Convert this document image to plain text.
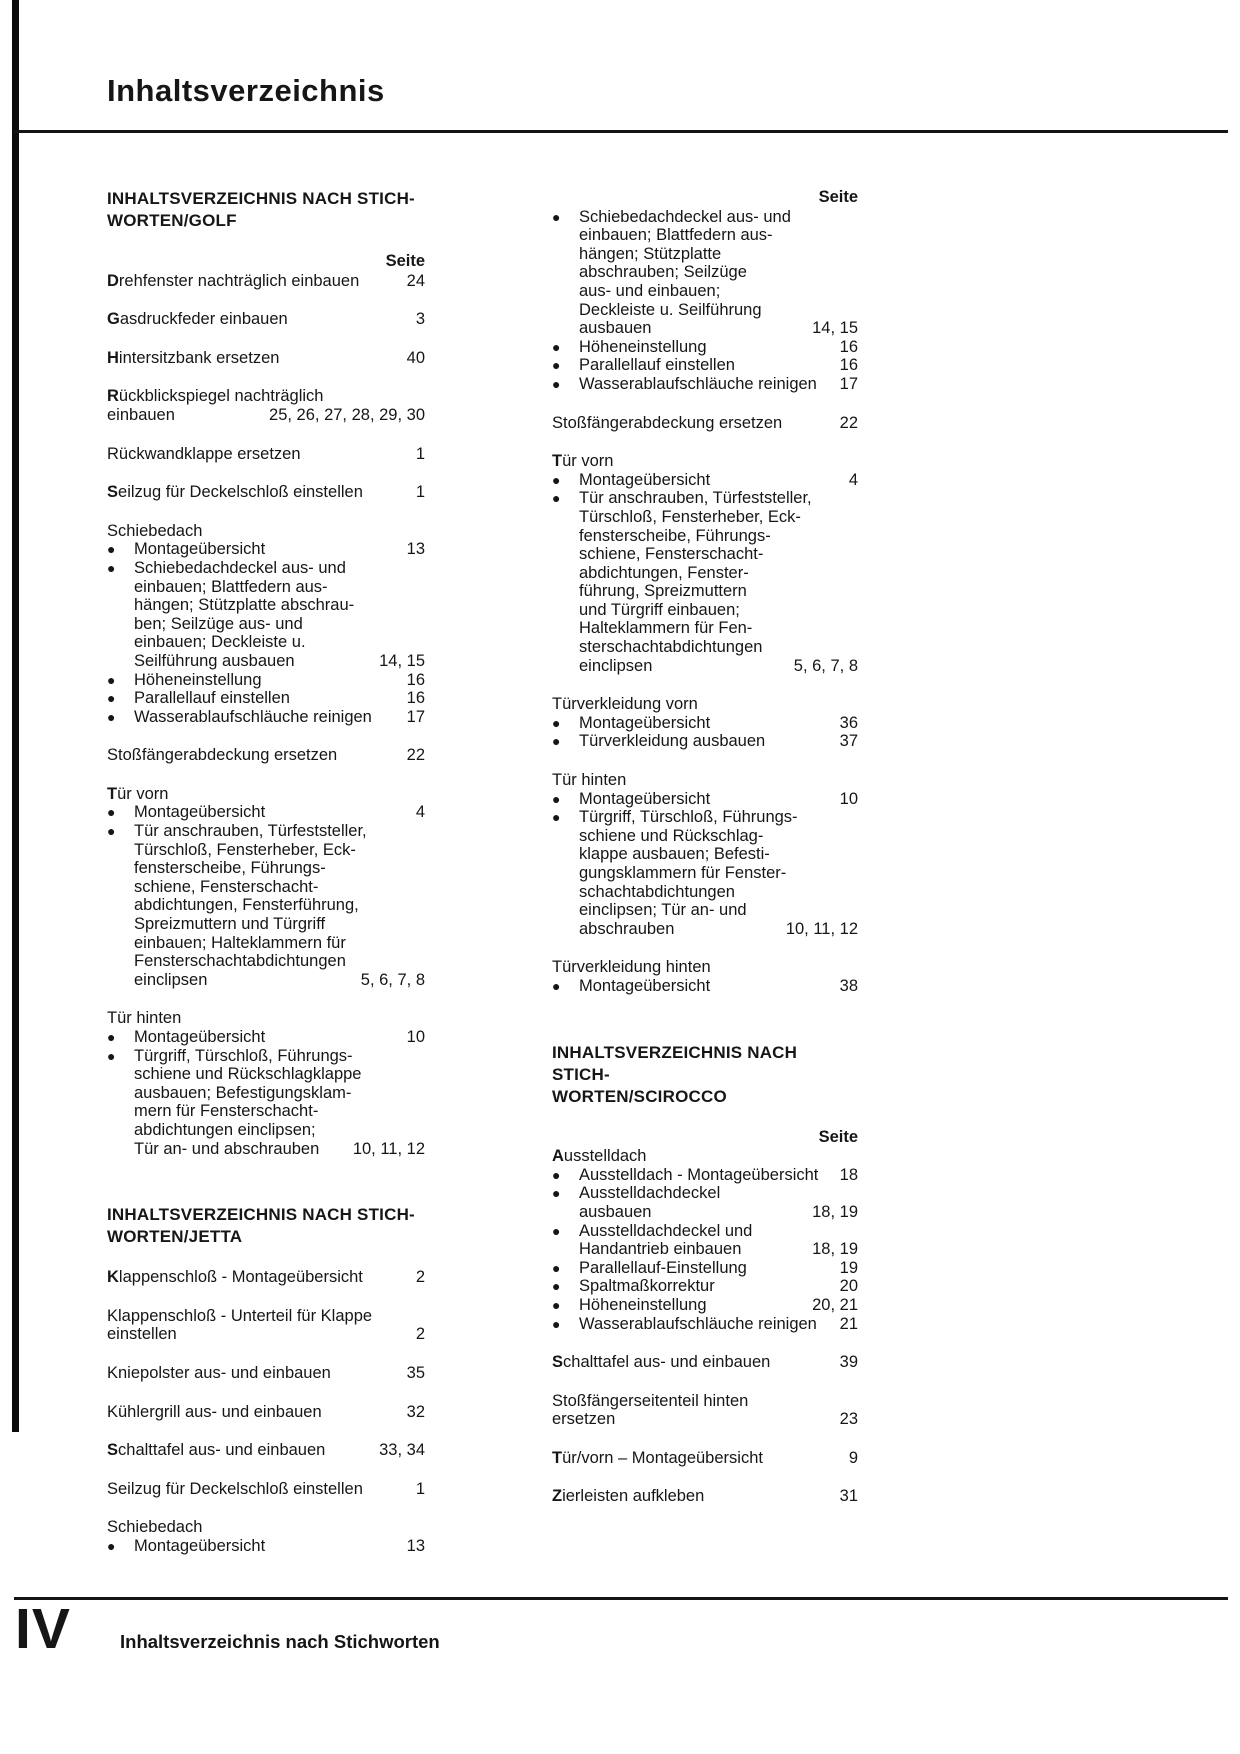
Inhaltsverzeichnis
INHALTSVERZEICHNIS NACH STICH-
WORTEN/GOLF
Seite
Drehfenster nachträglich einbauen	24
Gasdruckfeder einbauen	3
Hintersitzbank ersetzen	40
Rückblickspiegel nachträglich
einbauen	25, 26, 27, 28, 29, 30
Rückwandklappe ersetzen	1
Seilzug für Deckelschloß einstellen	1
Schiebedach
●	Montageübersicht	13
●	Schiebedachdeckel aus- und
einbauen; Blattfedern aus-
hängen; Stützplatte abschrau-
ben; Seilzüge aus- und
einbauen; Deckleiste u.
Seilführung ausbauen	14, 15
●	Höheneinstellung	16
●	Parallellauf einstellen	16
●	Wasserablaufschläuche reinigen	17
Stoßfängerabdeckung ersetzen	22
Tür vorn
●	Montageübersicht	4
●	Tür anschrauben, Türfeststeller,
Türschloß, Fensterheber, Eck-
fensterscheibe, Führungs-
schiene, Fensterschacht-
abdichtungen, Fensterführung,
Spreizmuttern und Türgriff
einbauen; Halteklammern für
Fensterschachtabdichtungen
einclipsen	5, 6, 7, 8
Tür hinten
●	Montageübersicht	10
●	Türgriff, Türschloß, Führungs-
schiene und Rückschlagklappe
ausbauen; Befestigungsklam-
mern für Fensterschacht-
abdichtungen einclipsen;
Tür an- und abschrauben	10, 11, 12
INHALTSVERZEICHNIS NACH STICH-
WORTEN/JETTA
Klappenschloß - Montageübersicht	2
Klappenschloß - Unterteil für Klappe
einstellen	2
Kniepolster aus- und einbauen	35
Kühlergrill aus- und einbauen	32
Schalttafel aus- und einbauen	33, 34
Seilzug für Deckelschloß einstellen	1
Schiebedach
●	Montageübersicht	13
Seite
●	Schiebedachdeckel aus- und
einbauen; Blattfedern aus-
hängen; Stützplatte
abschrauben; Seilzüge
aus- und einbauen;
Deckleiste u. Seilführung
ausbauen	14, 15
●	Höheneinstellung	16
●	Parallellauf einstellen	16
●	Wasserablaufschläuche reinigen	17
Stoßfängerabdeckung ersetzen	22
Tür vorn
●	Montageübersicht	4
●	Tür anschrauben, Türfeststeller,
Türschloß, Fensterheber, Eck-
fensterscheibe, Führungs-
schiene, Fensterschacht-
abdichtungen, Fenster-
führung, Spreizmuttern
und Türgriff einbauen;
Halteklammern für Fen-
sterschachtabdichtungen
einclipsen	5, 6, 7, 8
Türverkleidung vorn
●	Montageübersicht	36
●	Türverkleidung ausbauen	37
Tür hinten
●	Montageübersicht	10
●	Türgriff, Türschloß, Führungs-
schiene und Rückschlag-
klappe ausbauen; Befesti-
gungsklammern für Fenster-
schachtabdichtungen
einclipsen; Tür an- und
abschrauben	10, 11, 12
Türverkleidung hinten
●	Montageübersicht	38
INHALTSVERZEICHNIS NACH STICH-
WORTEN/SCIROCCO
Seite
Ausstelldach
●	Ausstelldach - Montageübersicht	18
●	Ausstelldachdeckel
ausbauen	18, 19
●	Ausstelldachdeckel und
Handantrieb einbauen	18, 19
●	Parallellauf-Einstellung	19
●	Spaltmaßkorrektur	20
●	Höheneinstellung	20, 21
●	Wasserablaufschläuche reinigen	21
Schalttafel aus- und einbauen	39
Stoßfängerseitenteil hinten
ersetzen	23
Tür/vorn – Montageübersicht	9
Zierleisten aufkleben	31
IV	Inhaltsverzeichnis nach Stichworten
